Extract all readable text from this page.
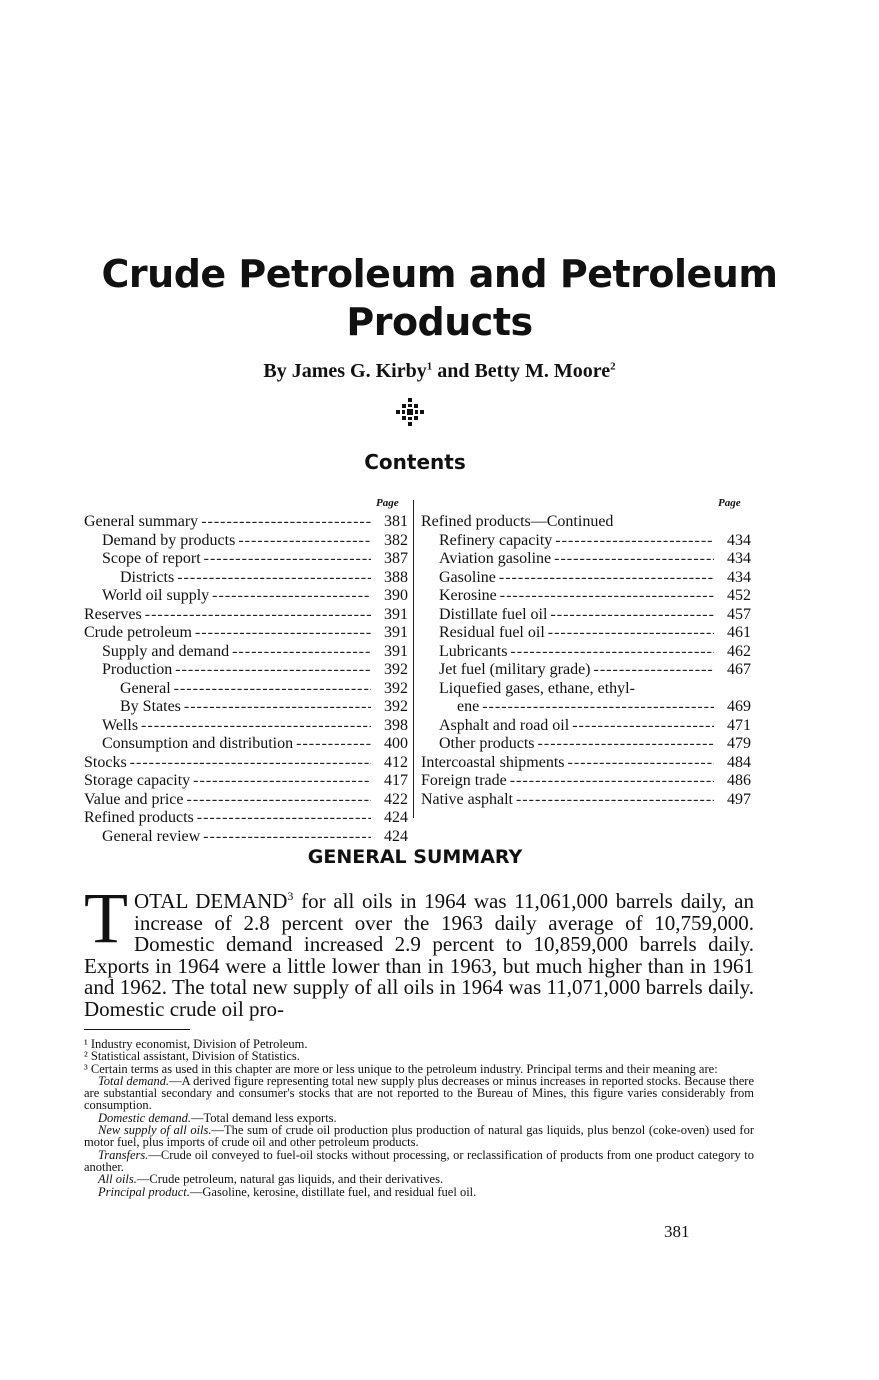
Crude Petroleum and Petroleum
Products
By James G. Kirby$^1$ and Betty M. Moore$^2$
Contents
Page	Page
General summary -----	381
Demand by products -----	382
Scope of report -----	387
Districts -----	388
World oil supply -----	390
Reserves -----	391
Crude petroleum -----	391
Supply and demand -----	391
Production -----	392
General -----	392
By States -----	392
Wells -----	398
Consumption and distribution -----	400
Stocks -----	412
Storage capacity -----	417
Value and price -----	422
Refined products -----	424
General review -----	424
Refined products—Continued
Refinery capacity -----	434
Aviation gasoline -----	434
Gasoline -----	434
Kerosine -----	452
Distillate fuel oil -----	457
Residual fuel oil -----	461
Lubricants -----	462
Jet fuel (military grade) -----	467
Liquefied gases, ethane, ethyl-
ene -----	469
Asphalt and road oil -----	471
Other products -----	479
Intercoastal shipments -----	484
Foreign trade -----	486
Native asphalt -----	497
GENERAL SUMMARY
TOTAL DEMAND$^3$ for all oils in 1964 was 11,061,000 barrels daily, an increase of 2.8 percent over the 1963 daily average of 10,759,000. Domestic demand increased 2.9 percent to 10,859,000 barrels daily. Exports in 1964 were a little lower than in 1963, but much higher than in 1961 and 1962. The total new supply of all oils in 1964 was 11,071,000 barrels daily. Domestic crude oil pro-

¹ Industry economist, Division of Petroleum.

² Statistical assistant, Division of Statistics.

³ Certain terms as used in this chapter are more or less unique to the petroleum industry. Principal terms and their meaning are:

Total demand.—A derived figure representing total new supply plus decreases or minus increases in reported stocks. Because there are substantial secondary and consumer's stocks that are not reported to the Bureau of Mines, this figure varies considerably from consumption.

Domestic demand.—Total demand less exports.

New supply of all oils.—The sum of crude oil production plus production of natural gas liquids, plus benzol (coke-oven) used for motor fuel, plus imports of crude oil and other petroleum products.

Transfers.—Crude oil conveyed to fuel-oil stocks without processing, or reclassification of products from one product category to another.

All oils.—Crude petroleum, natural gas liquids, and their derivatives.

Principal product.—Gasoline, kerosine, distillate fuel, and residual fuel oil.

381
